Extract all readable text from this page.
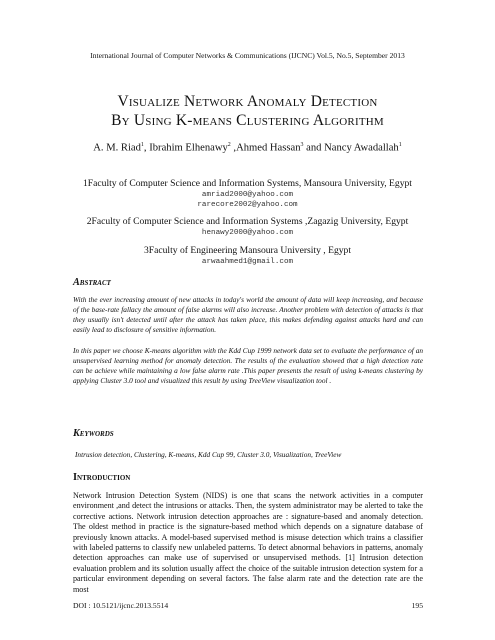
International Journal of Computer Networks & Communications (IJCNC) Vol.5, No.5, September 2013
Visualize Network Anomaly Detection
By Using K-means Clustering Algorithm
A. M. Riad$^1$, Ibrahim Elhenawy$^2$ ,Ahmed Hassan$^3$ and Nancy Awadallah$^1$
1Faculty of Computer Science and Information Systems, Mansoura University, Egypt
amriad2000@yahoo.com
rarecore2002@yahoo.com
2Faculty of Computer Science and Information Systems ,Zagazig University, Egypt
henawy2000@yahoo.com
3Faculty of Engineering Mansoura University , Egypt
arwaahmed1@gmail.com
Abstract

With the ever increasing amount of new attacks in today's world the amount of data will keep increasing, and because of the base-rate fallacy the amount of false alarms will also increase. Another problem with detection of attacks is that they usually isn't detected until after the attack has taken place, this makes defending against attacks hard and can easily lead to disclosure of sensitive information.

In this paper we choose K-means algorithm with the Kdd Cup 1999 network data set to evaluate the performance of an unsupervised learning method for anomaly detection. The results of the evaluation showed that a high detection rate can be achieve while maintaining a low false alarm rate .This paper presents the result of using k-means clustering by applying Cluster 3.0 tool and visualized this result by using TreeView visualization tool .

Keywords

Intrusion detection, Clustering, K-means, Kdd Cup 99, Cluster 3.0, Visualization, TreeView

Introduction

Network Intrusion Detection System (NIDS) is one that scans the network activities in a computer environment ,and detect the intrusions or attacks. Then, the system administrator may be alerted to take the corrective actions. Network intrusion detection approaches are : signature-based and anomaly detection. The oldest method in practice is the signature-based method which depends on a signature database of previously known attacks. A model-based supervised method is misuse detection which trains a classifier with labeled patterns to classify new unlabeled patterns. To detect abnormal behaviors in patterns, anomaly detection approaches can make use of supervised or unsupervised methods. [1] Intrusion detection evaluation problem and its solution usually affect the choice of the suitable intrusion detection system for a particular environment depending on several factors. The false alarm rate and the detection rate are the most

DOI : 10.5121/ijcnc.2013.5514	195
